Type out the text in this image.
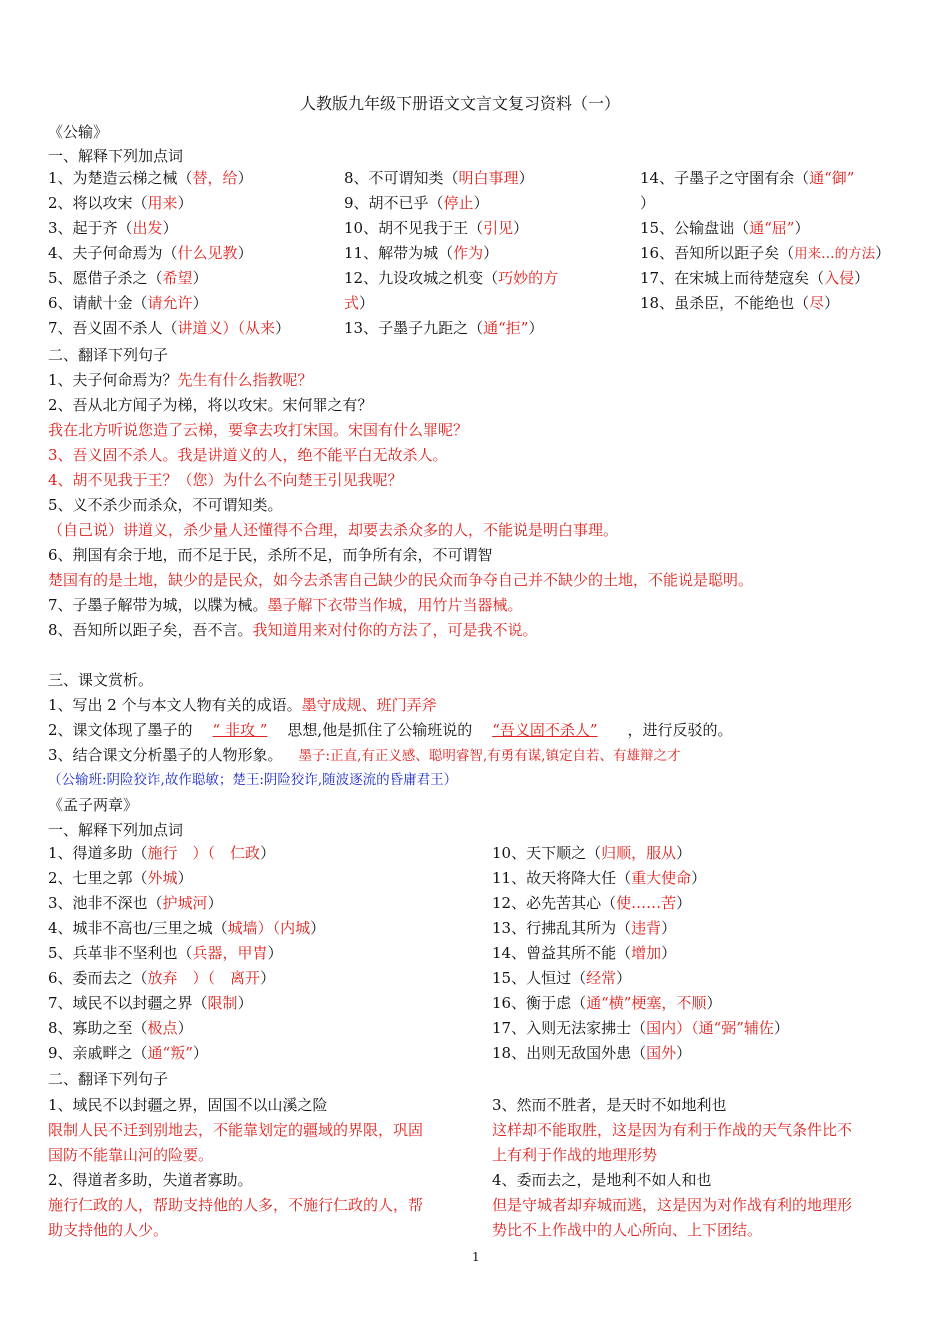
人教版九年级下册语文文言文复习资料（一）
《公输》
一、解释下列加点词
1、为楚造云梯之械（替，给）
2、将以攻宋（用来）
3、起于齐（出发）
4、夫子何命焉为（什么见教）
5、愿借子杀之（希望）
6、请献十金（请允许）
7、吾义固不杀人（讲道义）（从来）
8、不可谓知类（明白事理）
9、胡不已乎（停止）
10、胡不见我于王（引见）
11、解带为城（作为）
12、九设攻城之机变（巧妙的方
式）
13、子墨子九距之（通“拒”）
14、子墨子之守圉有余（通“御”
）
15、公输盘诎（通“屈”）
16、吾知所以距子矣（用来…的方法）
17、在宋城上而待楚寇矣（入侵）
18、虽杀臣，不能绝也（尽）
二、翻译下列句子
1、夫子何命焉为？先生有什么指教呢？
2、吾从北方闻子为梯，将以攻宋。宋何罪之有？
我在北方听说您造了云梯，要拿去攻打宋国。宋国有什么罪呢？
3、吾义固不杀人。我是讲道义的人，绝不能平白无故杀人。
4、胡不见我于王？（您）为什么不向楚王引见我呢？
5、义不杀少而杀众，不可谓知类。
（自己说）讲道义，杀少量人还懂得不合理，却要去杀众多的人，不能说是明白事理。
6、荆国有余于地，而不足于民，杀所不足，而争所有余，不可谓智
楚国有的是土地，缺少的是民众，如今去杀害自己缺少的民众而争夺自己并不缺少的土地，不能说是聪明。
7、子墨子解带为城，以牒为械。墨子解下衣带当作城，用竹片当器械。
8、吾知所以距子矣，吾不言。我知道用来对付你的方法了，可是我不说。
三、课文赏析。
1、写出 2 个与本文人物有关的成语。墨守成规、班门弄斧
2、课文体现了墨子的 “ 非攻 ” 思想,他是抓住了公输班说的 “吾义固不杀人” ，进行反驳的。
3、结合课文分析墨子的人物形象。 墨子:正直,有正义感、聪明睿智,有勇有谋,镇定自若、有雄辩之才
（公输班:阴险狡诈,故作聪敏；楚王:阴险狡诈,随波逐流的昏庸君王）
《孟子两章》
一、解释下列加点词
1、得道多助（施行　）（　仁政）
2、七里之郭（外城）
3、池非不深也（护城河）
4、城非不高也/三里之城（城墙）（内城）
5、兵革非不坚利也（兵器，甲胄）
6、委而去之（放弃　）（　离开）
7、域民不以封疆之界（限制）
8、寡助之至（极点）
9、亲戚畔之（通“叛”）
10、天下顺之（归顺，服从）
11、故天将降大任（重大使命）
12、必先苦其心（使……苦）
13、行拂乱其所为（违背）
14、曾益其所不能（增加）
15、人恒过（经常）
16、衡于虑（通“横”梗塞，不顺）
17、入则无法家拂士（国内）（通“弼”辅佐）
18、出则无敌国外患（国外）
二、翻译下列句子
1、域民不以封疆之界，固国不以山溪之险
限制人民不迁到别地去，不能靠划定的疆域的界限，巩固
国防不能靠山河的险要。
2、得道者多助，失道者寡助。
施行仁政的人，帮助支持他的人多，不施行仁政的人，帮
助支持他的人少。
3、然而不胜者，是天时不如地利也
这样却不能取胜，这是因为有利于作战的天气条件比不
上有利于作战的地理形势
4、委而去之，是地利不如人和也
但是守城者却弃城而逃，这是因为对作战有利的地理形
势比不上作战中的人心所向、上下团结。
1
